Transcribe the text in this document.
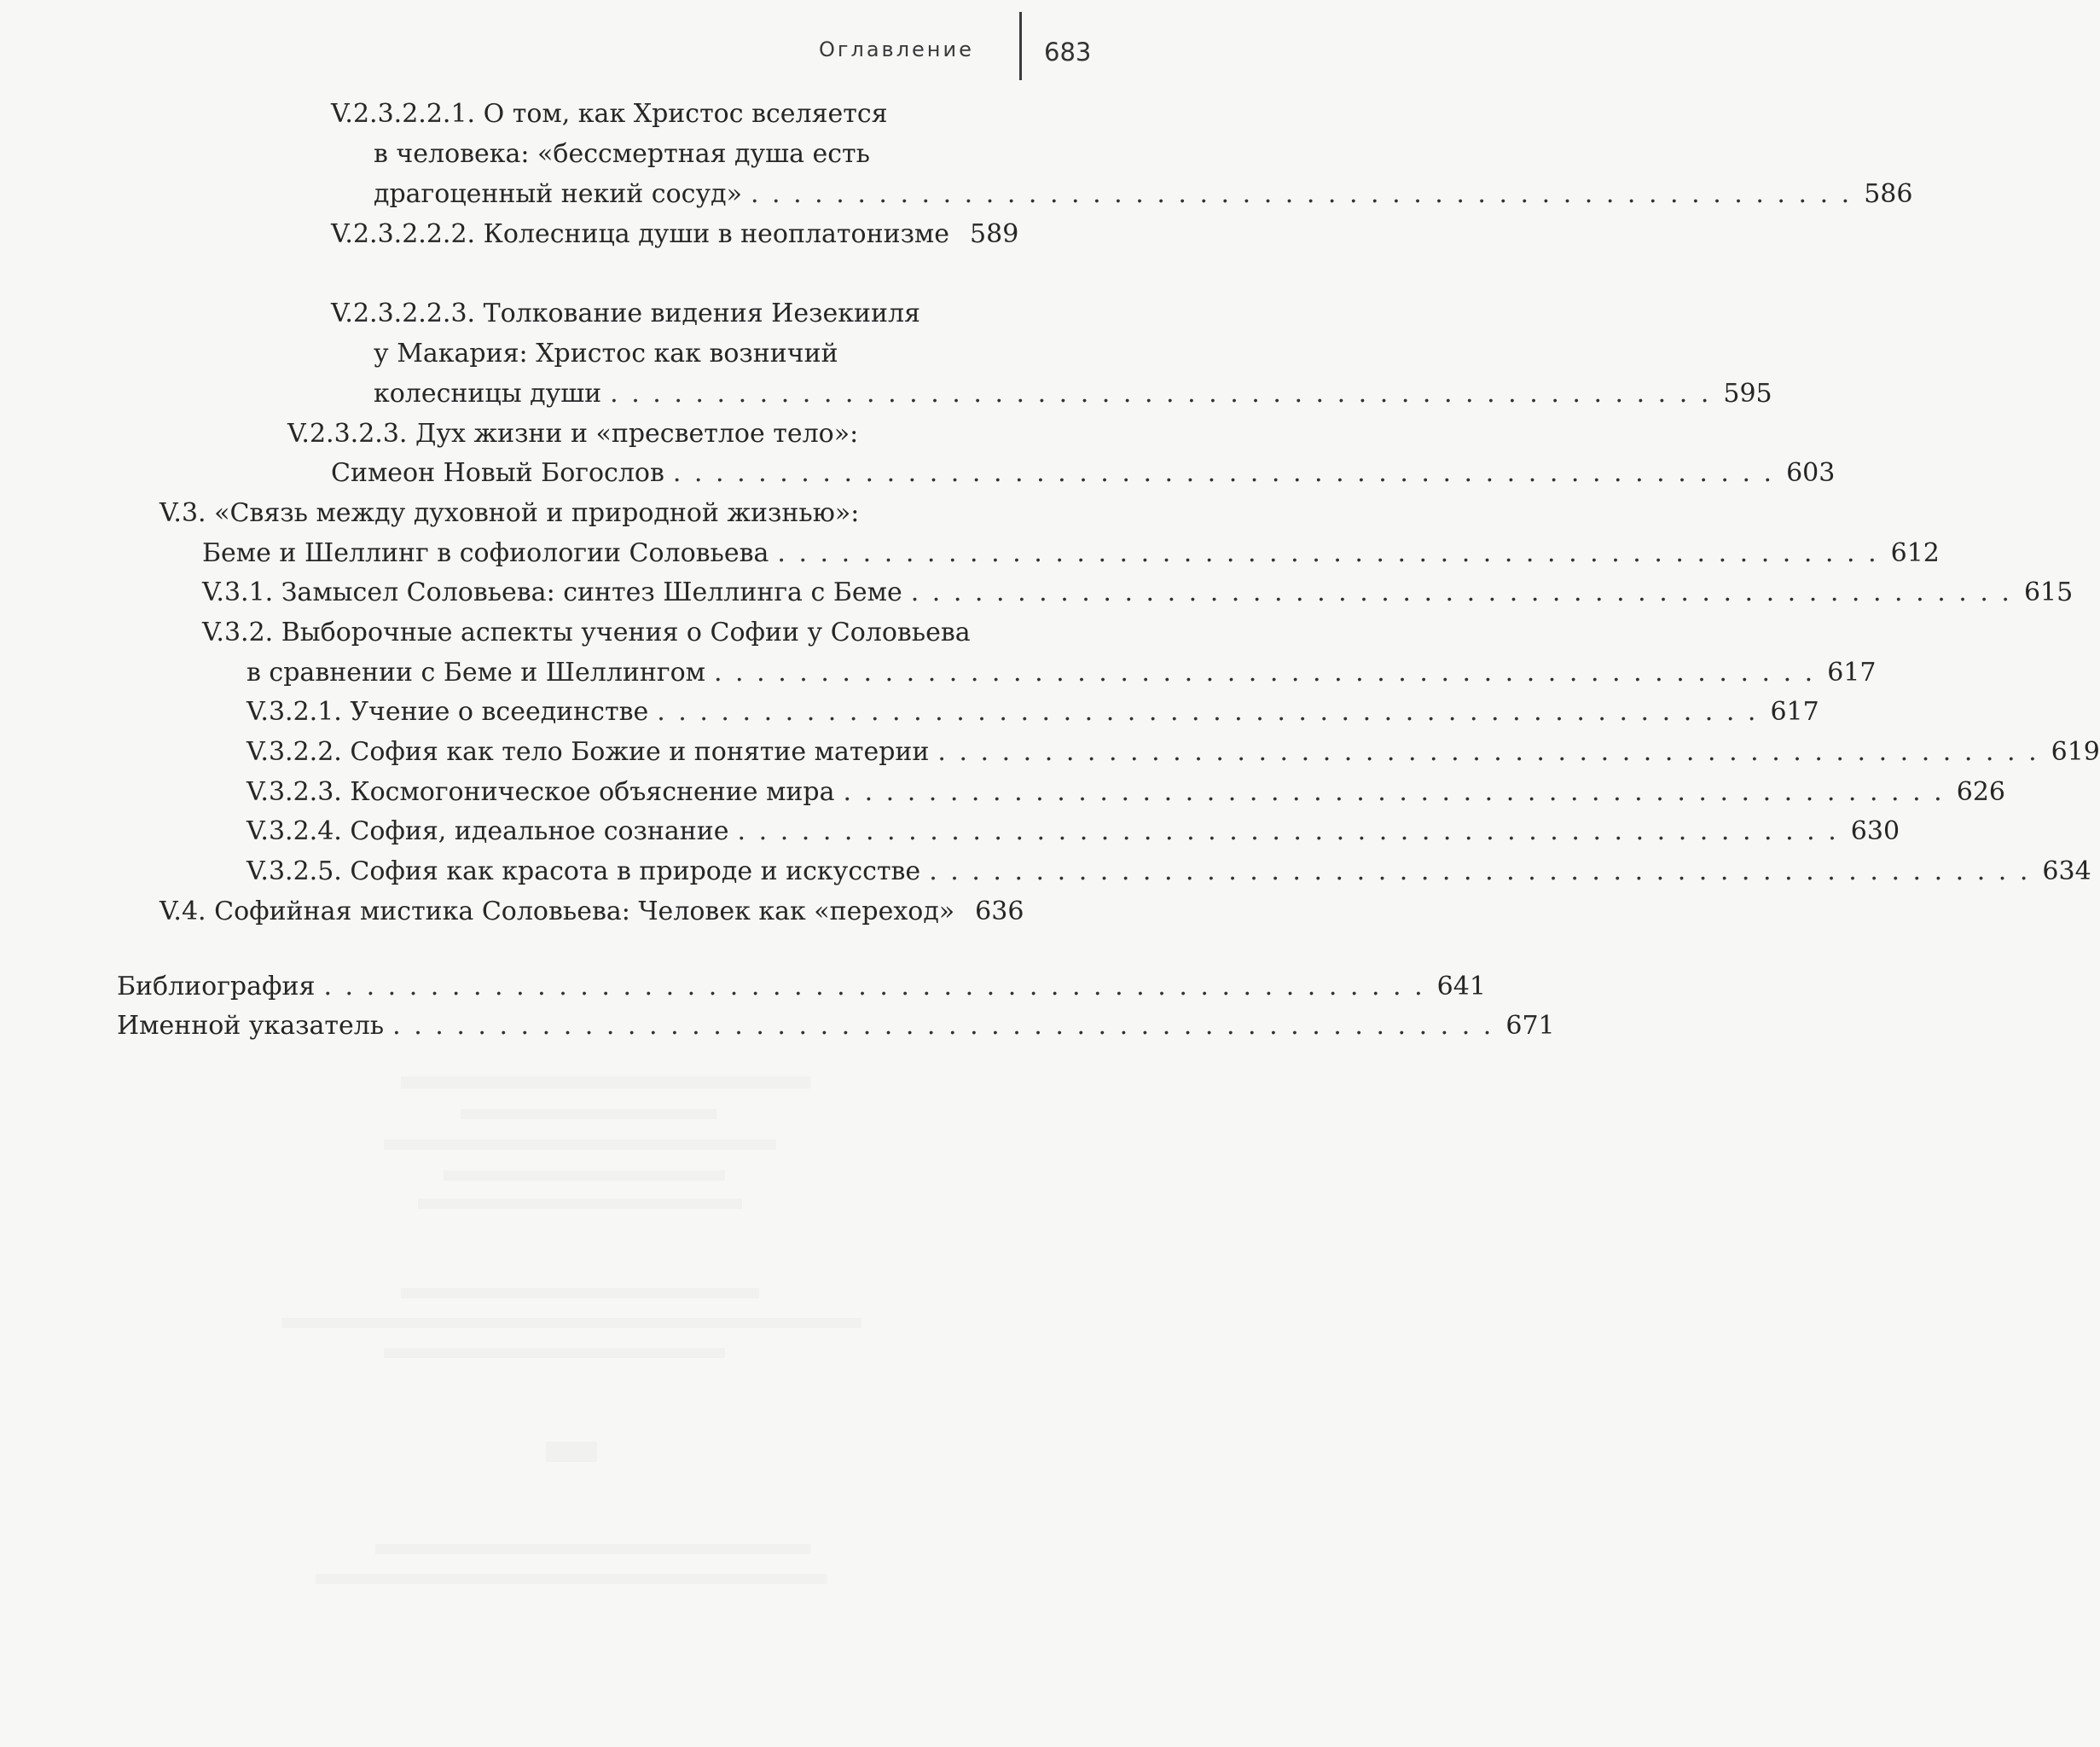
Оглавление	683
V.2.3.2.2.1. О том, как Христос вселяется
в человека: «бессмертная душа есть
драгоценный некий сосуд» . . . . . . . . . . . . . . . . . . . . . . . . . . . . . . . . . . . . . . . . . . . . . . . . . . . . 586
V.2.3.2.2.2. Колесница души в неоплатонизме 589
V.2.3.2.2.3. Толкование видения Иезекииля
у Макария: Христос как возничий
колесницы души . . . . . . . . . . . . . . . . . . . . . . . . . . . . . . . . . . . . . . . . . . . . . . . . . . . . 595
V.2.3.2.3. Дух жизни и «пресветлое тело»:
Симеон Новый Богослов . . . . . . . . . . . . . . . . . . . . . . . . . . . . . . . . . . . . . . . . . . . . . . . . . . . . 603
V.3. «Связь между духовной и природной жизнью»:
Беме и Шеллинг в софиологии Соловьева . . . . . . . . . . . . . . . . . . . . . . . . . . . . . . . . . . . . . . . . . . . . . . . . . . . . 612
V.3.1. Замысел Соловьева: синтез Шеллинга с Беме . . . . . . . . . . . . . . . . . . . . . . . . . . . . . . . . . . . . . . . . . . . . . . . . . . . . 615
V.3.2. Выборочные аспекты учения о Софии у Соловьева
в сравнении с Беме и Шеллингом . . . . . . . . . . . . . . . . . . . . . . . . . . . . . . . . . . . . . . . . . . . . . . . . . . . . 617
V.3.2.1. Учение о всеединстве . . . . . . . . . . . . . . . . . . . . . . . . . . . . . . . . . . . . . . . . . . . . . . . . . . . . 617
V.3.2.2. София как тело Божие и понятие материи . . . . . . . . . . . . . . . . . . . . . . . . . . . . . . . . . . . . . . . . . . . . . . . . . . . . 619
V.3.2.3. Космогоническое объяснение мира . . . . . . . . . . . . . . . . . . . . . . . . . . . . . . . . . . . . . . . . . . . . . . . . . . . . 626
V.3.2.4. София, идеальное сознание . . . . . . . . . . . . . . . . . . . . . . . . . . . . . . . . . . . . . . . . . . . . . . . . . . . . 630
V.3.2.5. София как красота в природе и искусстве . . . . . . . . . . . . . . . . . . . . . . . . . . . . . . . . . . . . . . . . . . . . . . . . . . . . 634
V.4. Софийная мистика Соловьева: Человек как «переход» 636
Библиография . . . . . . . . . . . . . . . . . . . . . . . . . . . . . . . . . . . . . . . . . . . . . . . . . . . . 641
Именной указатель . . . . . . . . . . . . . . . . . . . . . . . . . . . . . . . . . . . . . . . . . . . . . . . . . . . . 671
